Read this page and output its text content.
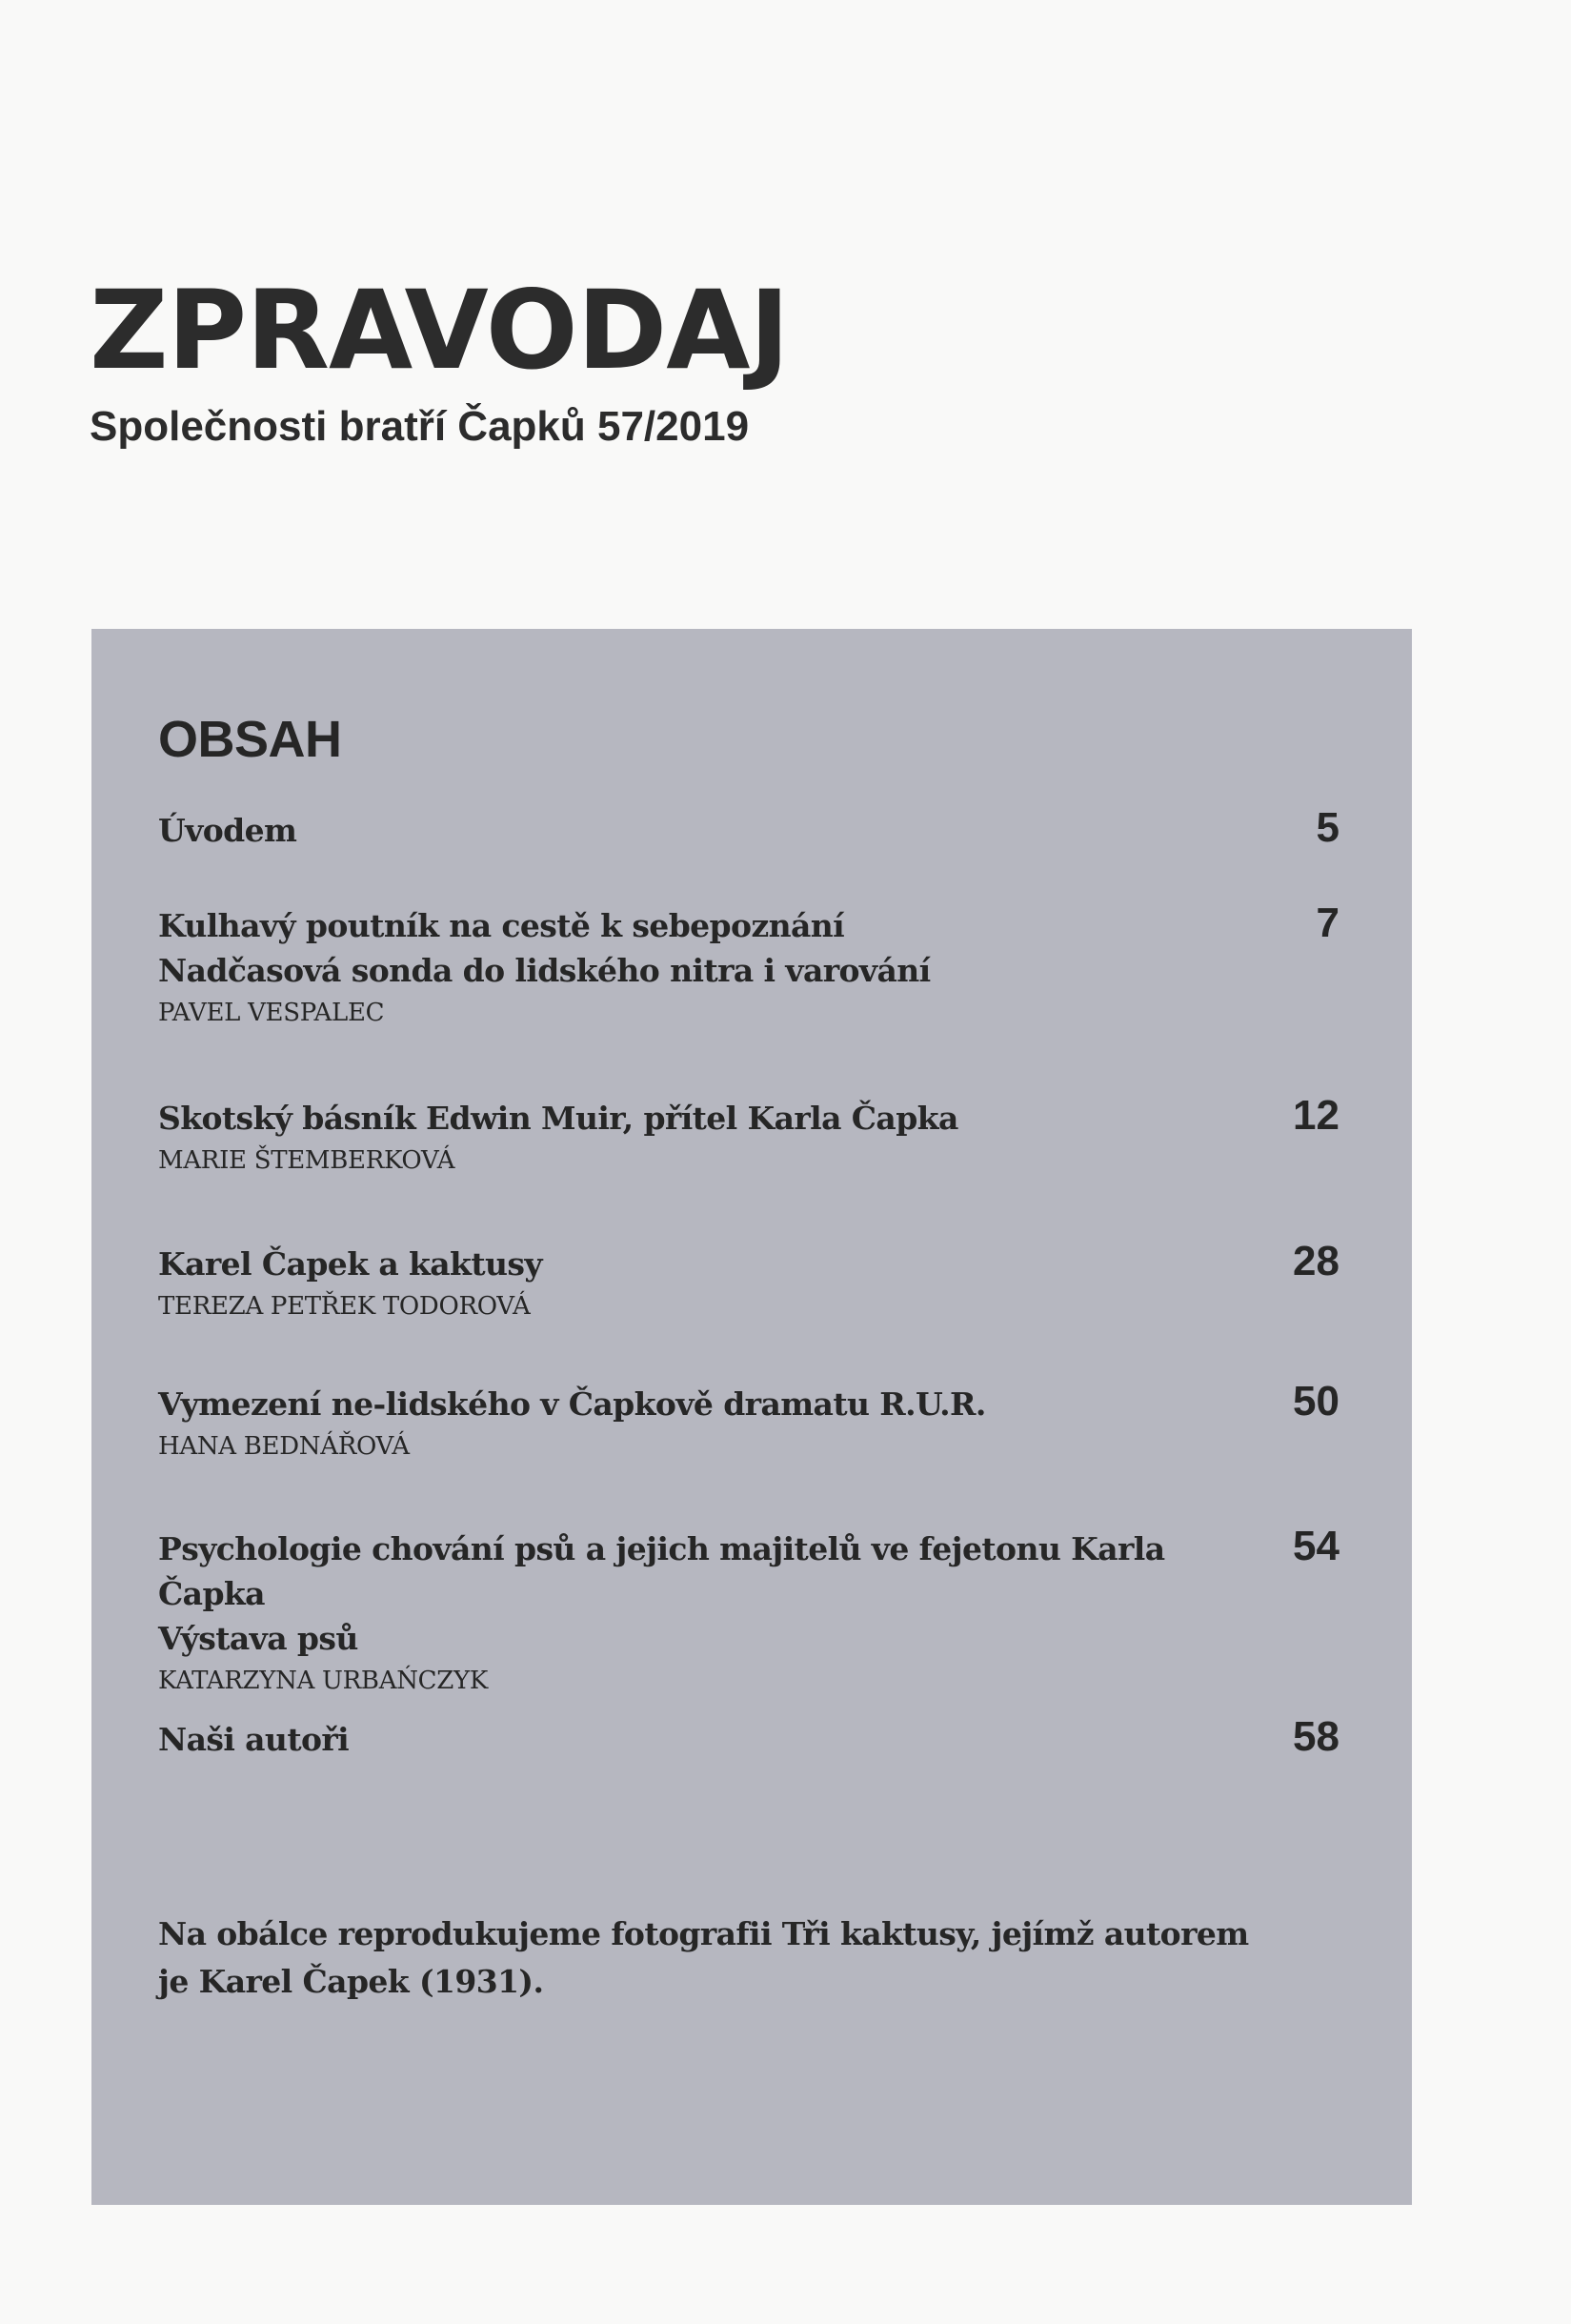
ZPRAVODAJ
Společnosti bratří Čapků 57/2019
OBSAH
Úvodem	5
Kulhavý poutník na cestě k sebepoznání
Nadčasová sonda do lidského nitra i varování
PAVEL VESPALEC
7
Skotský básník Edwin Muir, přítel Karla Čapka
MARIE ŠTEMBERKOVÁ
12
Karel Čapek a kaktusy
TEREZA PETŘEK TODOROVÁ
28
Vymezení ne-lidského v Čapkově dramatu R.U.R.
HANA BEDNÁŘOVÁ
50
Psychologie chování psů a jejich majitelů ve fejetonu Karla Čapka
Výstava psů
KATARZYNA URBAŃCZYK
54
Naši autoři	58
Na obálce reprodukujeme fotografii Tři kaktusy, jejímž autorem je Karel Čapek (1931).
